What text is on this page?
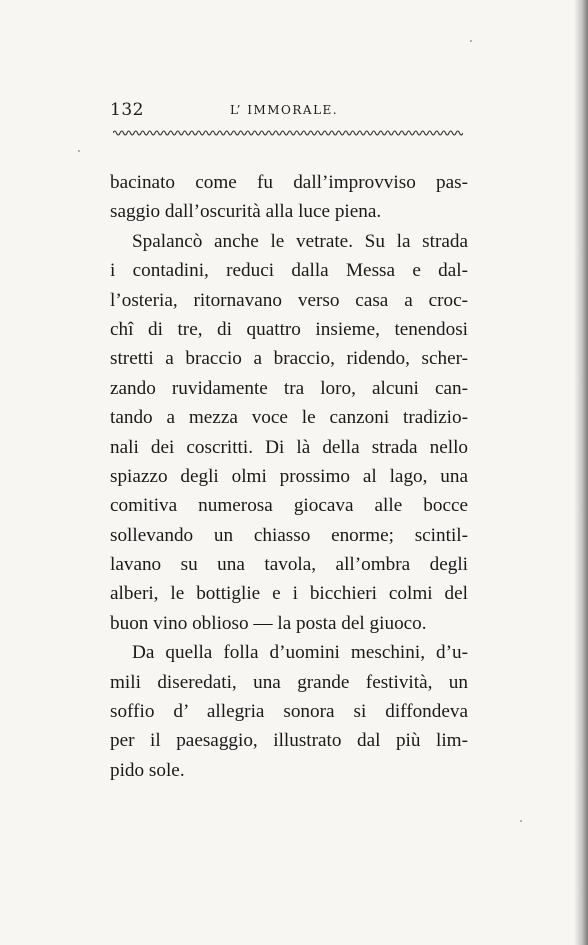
132	L’ IMMORALE.
bacinato come fu dall’improvviso pas-
saggio dall’oscurità alla luce piena.
Spalancò anche le vetrate. Su la strada
i contadini, reduci dalla Messa e dal-
l’osteria, ritornavano verso casa a croc-
chî di tre, di quattro insieme, tenendosi
stretti a braccio a braccio, ridendo, scher-
zando ruvidamente tra loro, alcuni can-
tando a mezza voce le canzoni tradizio-
nali dei coscritti. Di là della strada nello
spiazzo degli olmi prossimo al lago, una
comitiva numerosa giocava alle bocce
sollevando un chiasso enorme; scintil-
lavano su una tavola, all’ombra degli
alberi, le bottiglie e i bicchieri colmi del
buon vino oblioso — la posta del giuoco.
Da quella folla d’uomini meschini, d’u-
mili diseredati, una grande festività, un
soffio d’ allegria sonora si diffondeva
per il paesaggio, illustrato dal più lim-
pido sole.
